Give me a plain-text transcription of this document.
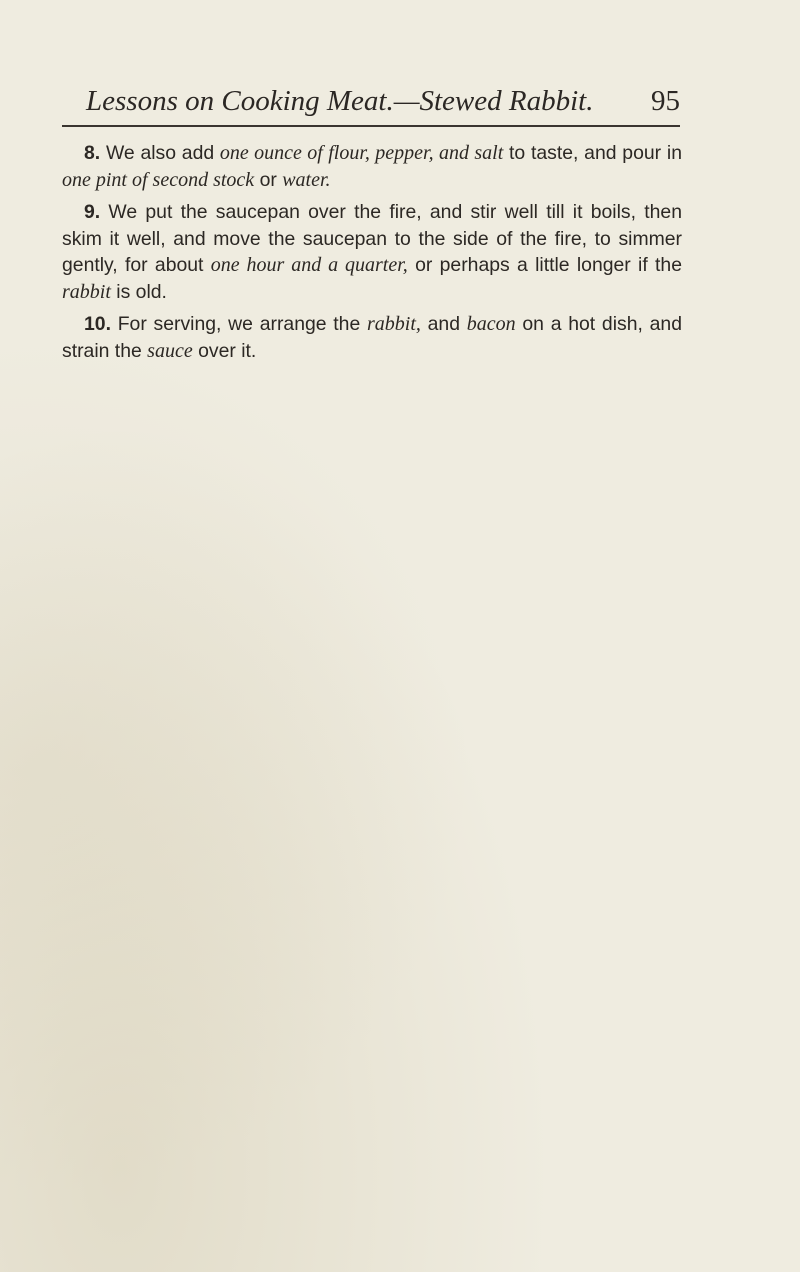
Lessons on Cooking Meat.—Stewed Rabbit. 95

8. We also add one ounce of flour, pepper, and salt to taste, and pour in one pint of second stock or water.

9. We put the saucepan over the fire, and stir well till it boils, then skim it well, and move the saucepan to the side of the fire, to simmer gently, for about one hour and a quarter, or perhaps a little longer if the rabbit is old.

10. For serving, we arrange the rabbit, and bacon on a hot dish, and strain the sauce over it.
